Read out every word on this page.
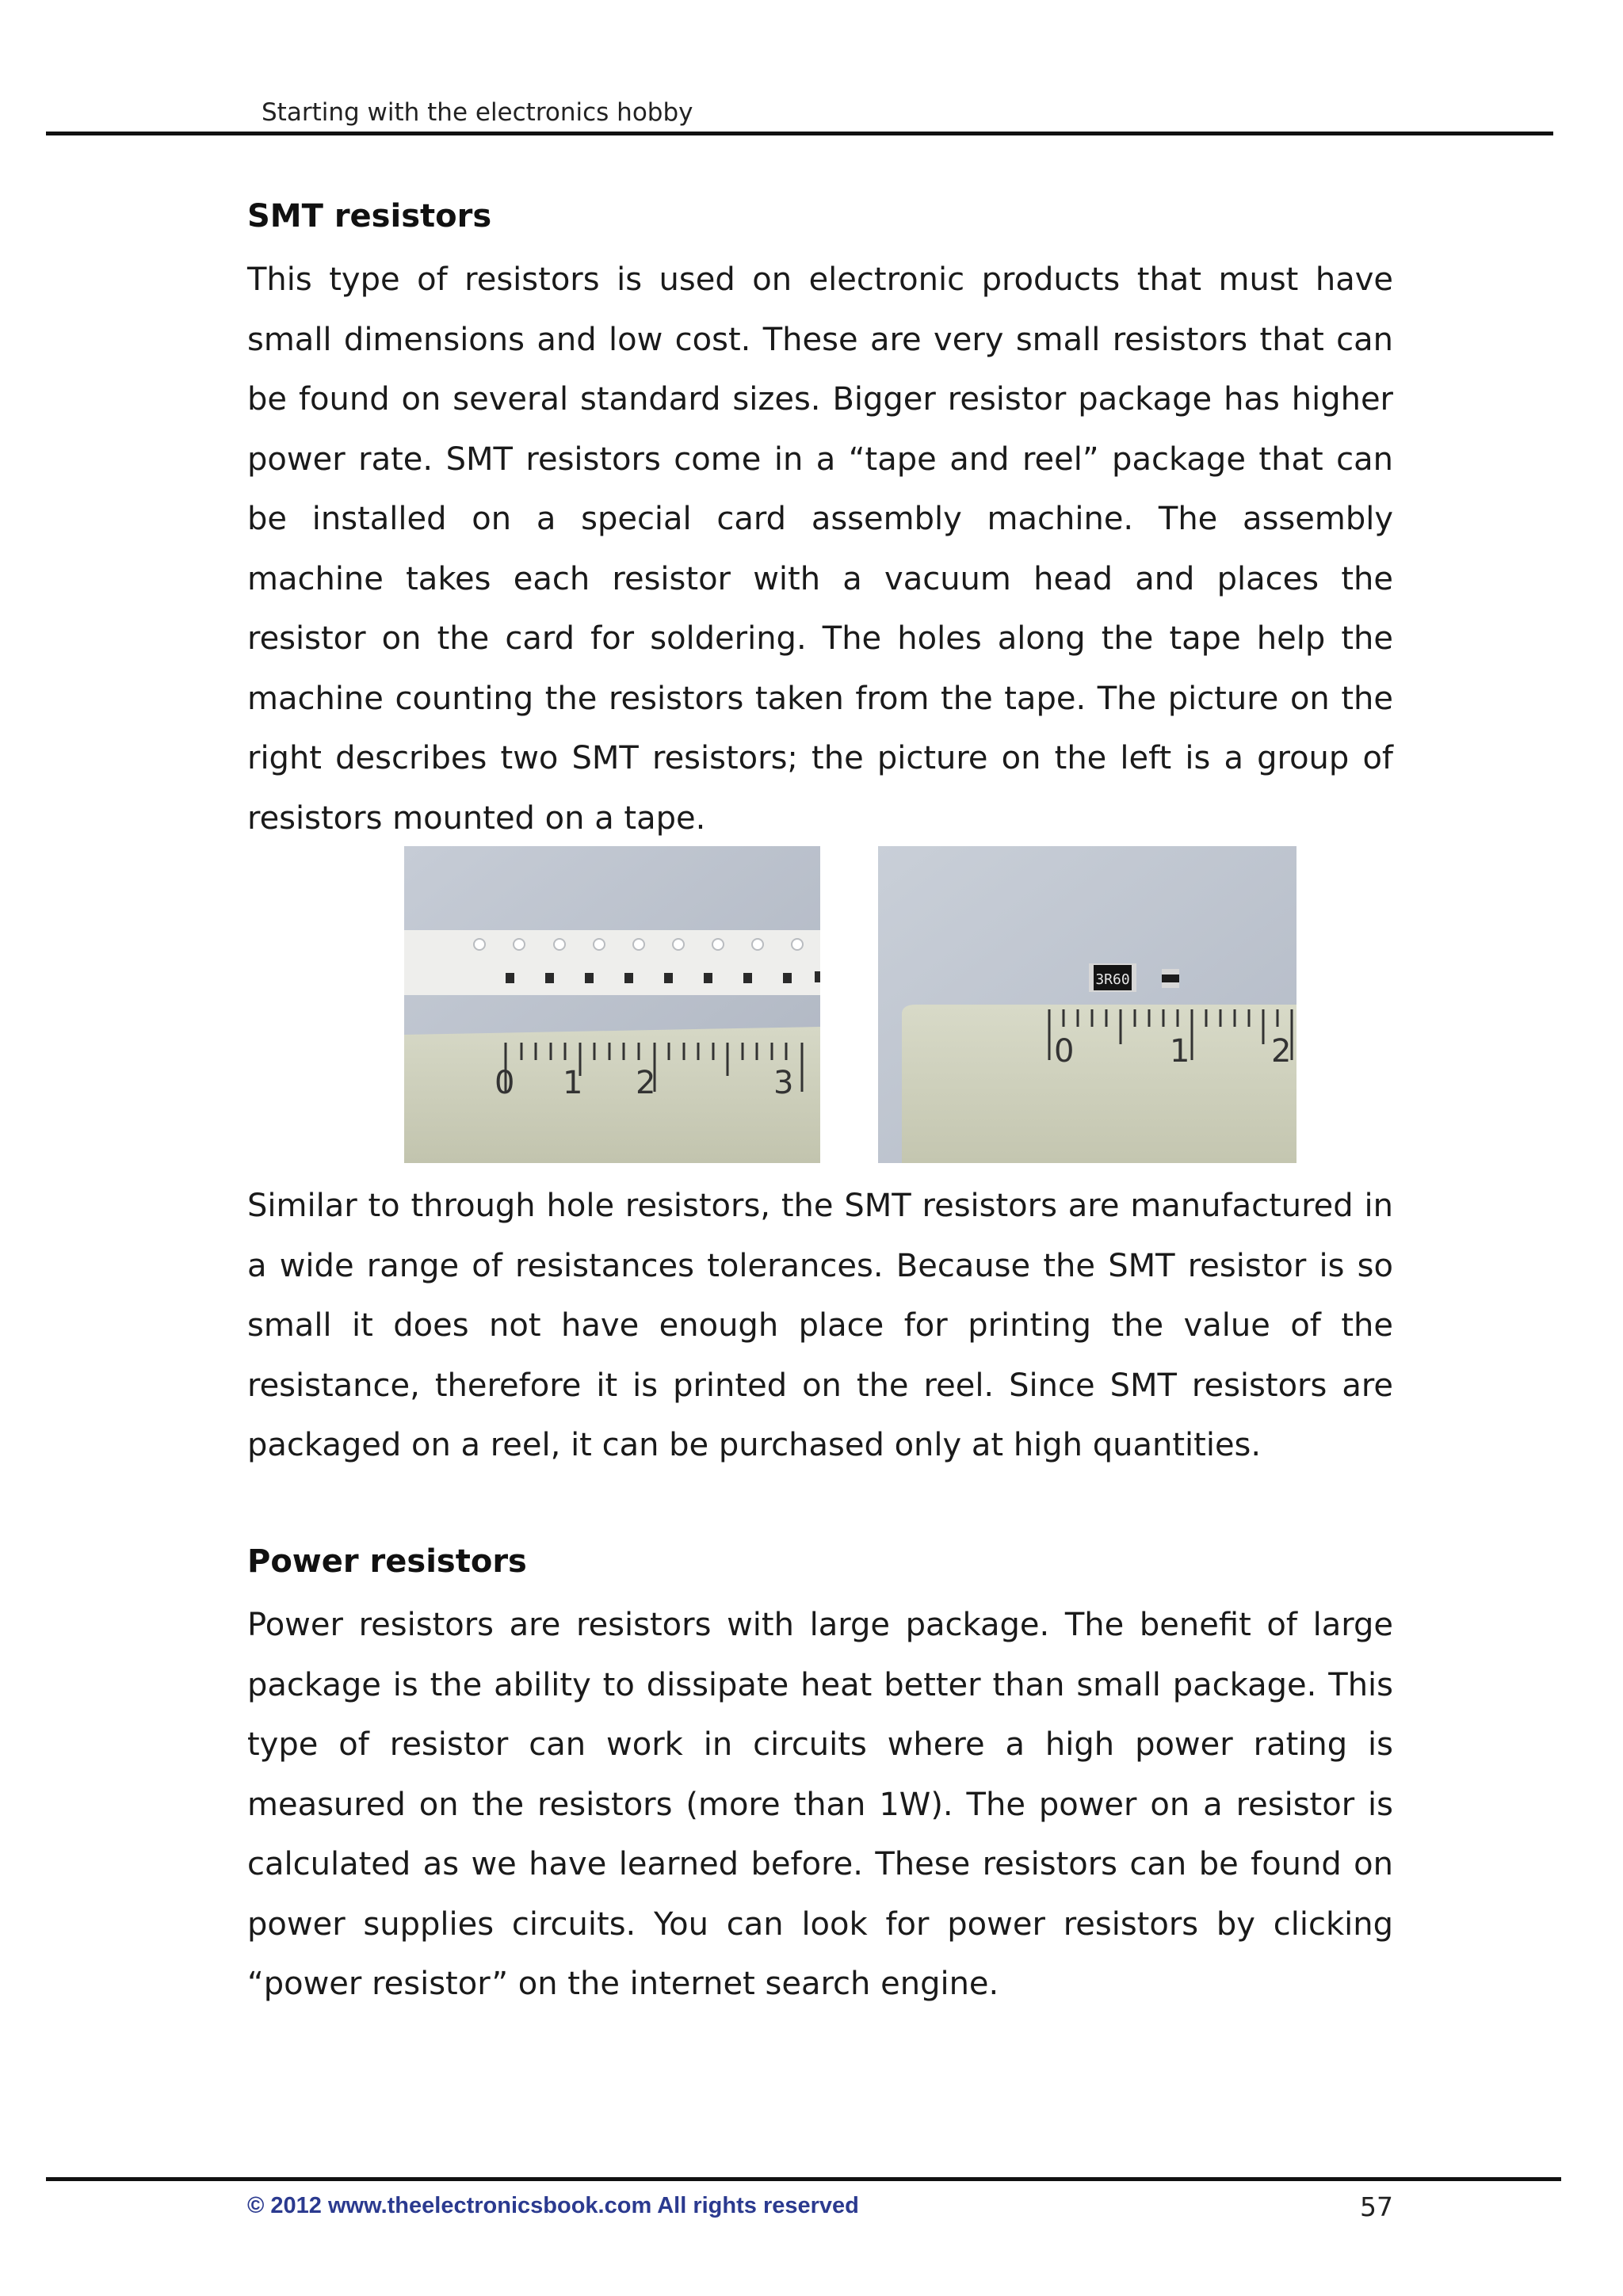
Starting with the electronics hobby
SMT resistors
This type of resistors is used on electronic products that must have small dimensions and low cost. These are very small resistors that can be found on several standard sizes. Bigger resistor package has higher power rate. SMT resistors come in a “tape and reel” package that can be installed on a special card assembly machine. The assembly machine takes each resistor with a vacuum head and places the resistor on the card for soldering. The holes along the tape help the machine counting the resistors taken from the tape. The picture on the right describes two SMT resistors; the picture on the left is a group of resistors mounted on a tape.
0 1 2	3
3R60
0	1	2
Similar to through hole resistors, the SMT resistors are manufactured in a wide range of resistances tolerances. Because the SMT resistor is so small it does not have enough place for printing the value of the resistance, therefore it is printed on the reel. Since SMT resistors are packaged on a reel, it can be purchased only at high quantities.
Power resistors
Power resistors are resistors with large package. The benefit of large package is the ability to dissipate heat better than small package. This type of resistor can work in circuits where a high power rating is measured on the resistors (more than 1W). The power on a resistor is calculated as we have learned before. These resistors can be found on power supplies circuits. You can look for power resistors by clicking “power resistor” on the internet search engine.
© 2012 www.theelectronicsbook.com All rights reserved	57
